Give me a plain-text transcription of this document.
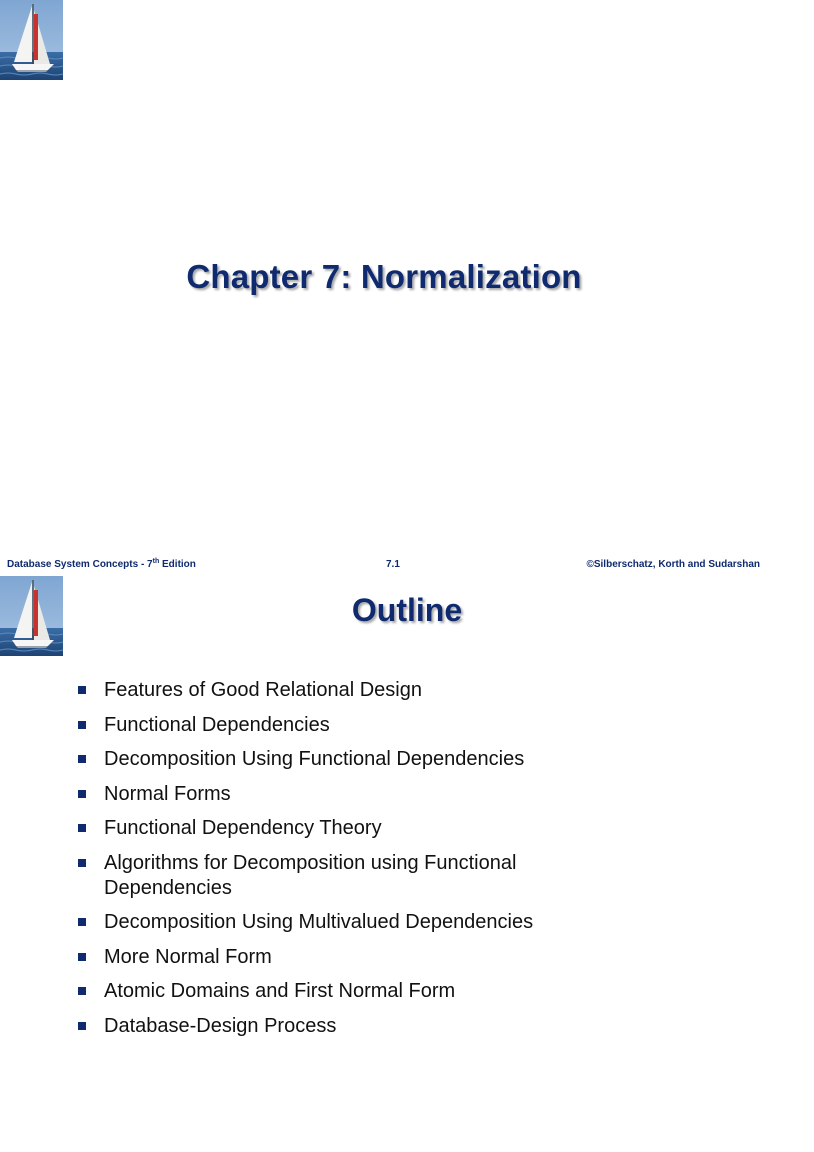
Chapter 7: Normalization
Database System Concepts - 7th Edition	7.1	©Silberschatz, Korth and Sudarshan
Outline
Features of Good Relational Design
Functional Dependencies
Decomposition Using Functional Dependencies
Normal Forms
Functional Dependency Theory
Algorithms for Decomposition using Functional Dependencies
Decomposition Using Multivalued Dependencies
More Normal Form
Atomic Domains and First Normal Form
Database-Design Process
